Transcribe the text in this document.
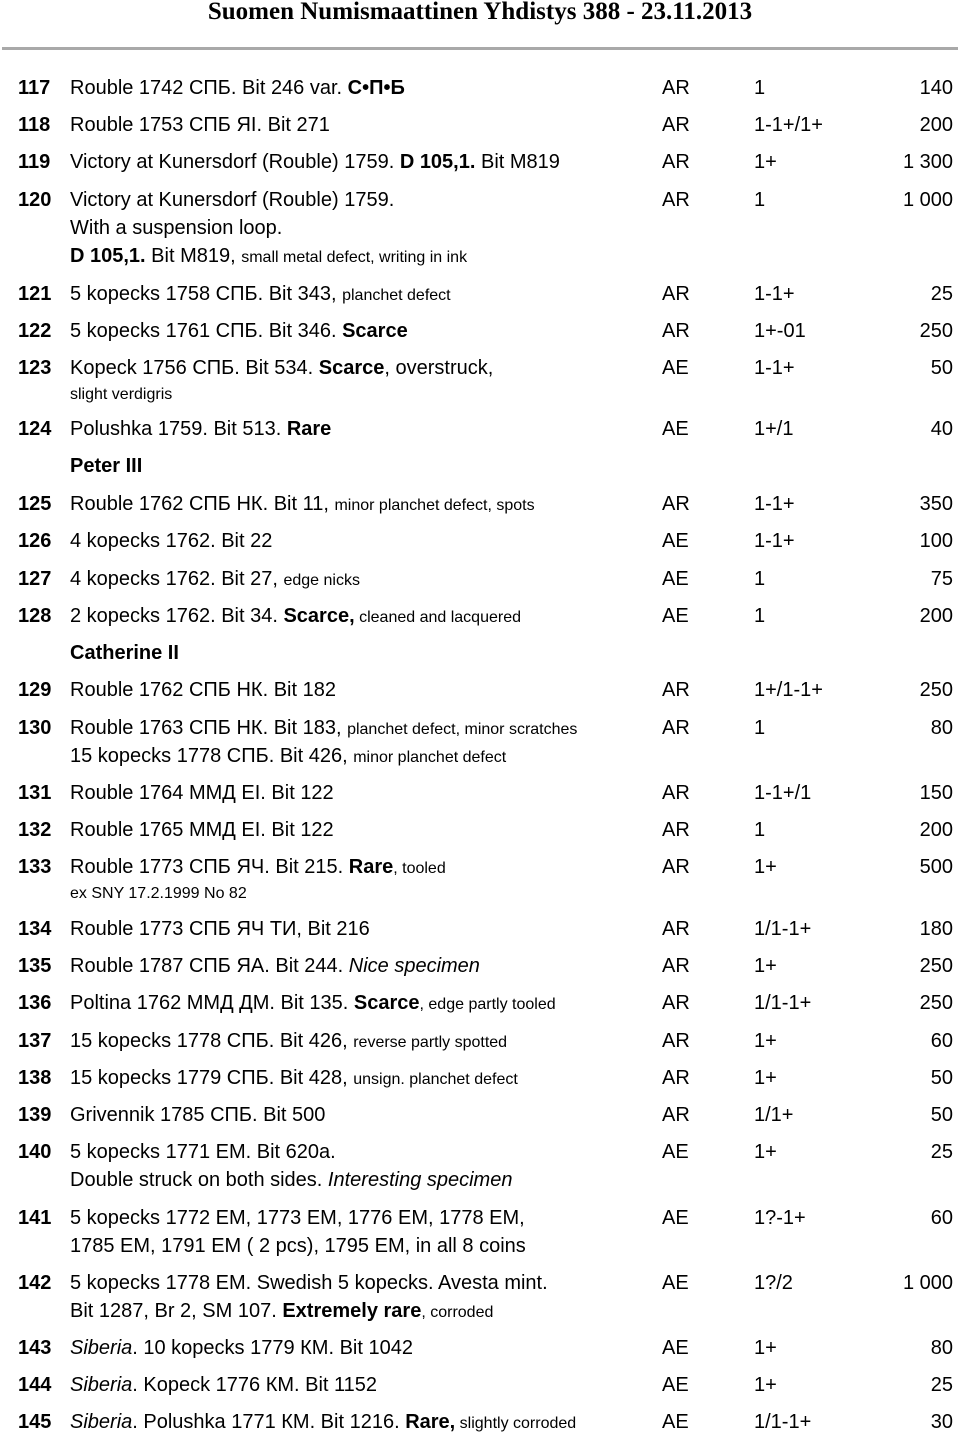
Suomen Numismaattinen Yhdistys 388 - 23.11.2013
117 Rouble 1742 СПБ. Bit 246 var. С•П•Б	AR	1	140
118 Rouble 1753 СПБ ЯI. Bit 271	AR	1-1+/1+	200
119 Victory at Kunersdorf (Rouble) 1759. D 105,1. Bit M819	AR	1+	1 300
120 Victory at Kunersdorf (Rouble) 1759.
With a suspension loop.
D 105,1. Bit M819, small metal defect, writing in ink
AR	1	1 000
121 5 kopecks 1758 СПБ. Bit 343, planchet defect	AR	1-1+	25
122 5 kopecks 1761 СПБ. Bit 346. Scarce	AR	1+-01	250
123 Kopeck 1756 СПБ. Bit 534. Scarce, overstruck,
slight verdigris
AE	1-1+	50
124 Polushka 1759. Bit 513. Rare	AE	1+/1	40
125 Rouble 1762 СПБ НК. Bit 11, minor planchet defect, spots	AR	1-1+	350
126 4 kopecks 1762. Bit 22	AE	1-1+	100
127 4 kopecks 1762. Bit 27, edge nicks	AE	1	75
128 2 kopecks 1762. Bit 34. Scarce, cleaned and lacquered	AE	1	200
129 Rouble 1762 СПБ НК. Bit 182	AR	1+/1-1+	250
130 Rouble 1763 СПБ НК. Bit 183, planchet defect, minor scratches
15 kopecks 1778 СПБ. Bit 426, minor planchet defect
AR	1	80
131 Rouble 1764 ММД ЕI. Bit 122	AR	1-1+/1	150
132 Rouble 1765 ММД ЕI. Bit 122	AR	1	200
133 Rouble 1773 СПБ ЯЧ. Bit 215. Rare, tooled
ex SNY 17.2.1999 No 82
AR	1+	500
134 Rouble 1773 СПБ ЯЧ ТИ, Bit 216	AR	1/1-1+	180
135 Rouble 1787 СПБ ЯА. Bit 244. Nice specimen	AR	1+	250
136 Poltina 1762 ММД ДМ. Bit 135. Scarce, edge partly tooled	AR	1/1-1+	250
137 15 kopecks 1778 СПБ. Bit 426, reverse partly spotted	AR	1+	60
138 15 kopecks 1779 СПБ. Bit 428, unsign. planchet defect	AR	1+	50
139 Grivennik 1785 СПБ. Bit 500	AR	1/1+	50
140 5 kopecks 1771 ЕМ. Bit 620a.
Double struck on both sides. Interesting specimen
AE	1+	25
141 5 kopecks 1772 ЕМ, 1773 ЕМ, 1776 ЕМ, 1778 ЕМ,
1785 ЕМ, 1791 ЕМ ( 2 pcs), 1795 ЕМ, in all 8 coins
AE	1?-1+	60
142 5 kopecks 1778 ЕМ. Swedish 5 kopecks. Avesta mint.
Bit 1287, Br 2, SM 107. Extremely rare, corroded
AE	1?/2	1 000
143 Siberia. 10 kopecks 1779 КМ. Bit 1042	AE	1+	80
144 Siberia. Kopeck 1776 КМ. Bit 1152	AE	1+	25
145 Siberia. Polushka 1771 КМ. Bit 1216. Rare, slightly corroded	AE	1/1-1+	30
Peter III
Catherine II
